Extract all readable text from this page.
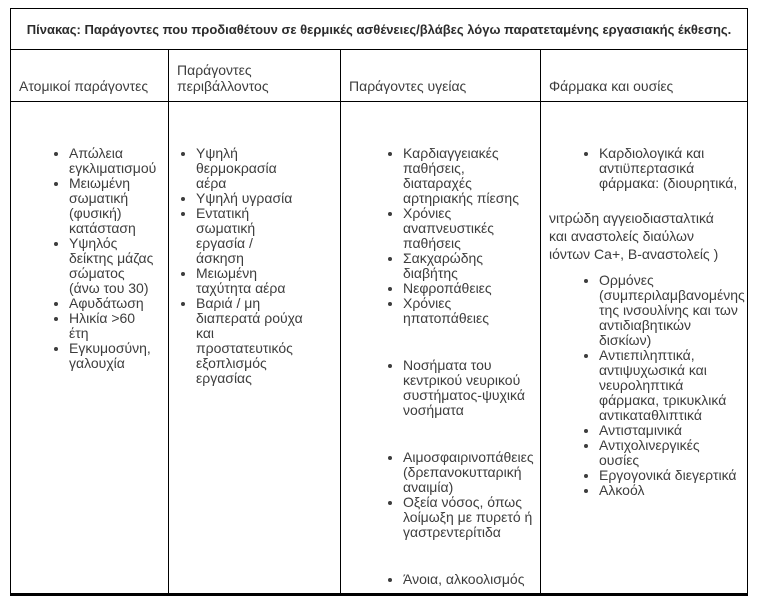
Πίνακας: Παράγοντες που προδιαθέτουν σε θερμικές ασθένειες/βλάβες λόγω παρατεταμένης εργασιακής έκθεσης.			
Ατομικοί παράγοντες	Παράγοντες περιβάλλοντος	Παράγοντες υγείας	Φάρμακα και ουσίες

• Απώλεια εγκλιματισμού
• Μειωμένη σωματική (φυσική) κατάσταση
• Υψηλός δείκτης μάζας σώματος (άνω του 30)
• Αφυδάτωση
• Ηλικία >60 έτη
• Εγκυμοσύνη, γαλουχία

• Υψηλή θερμοκρασία αέρα
• Υψηλή υγρασία
• Εντατική σωματική εργασία / άσκηση
• Μειωμένη ταχύτητα αέρα
• Βαριά / μη διαπερατά ρούχα και προστατευτικός εξοπλισμός εργασίας

• Καρδιαγγειακές παθήσεις, διαταραχές αρτηριακής πίεσης
• Χρόνιες αναπνευστικές παθήσεις
• Σακχαρώδης διαβήτης
• Νεφροπάθειες
• Χρόνιες ηπατοπάθειες
• Νοσήματα του κεντρικού νευρικού συστήματος-ψυχικά νοσήματα
• Αιμοσφαιρινοπάθειες (δρεπανοκυτταρική αναιμία)
• Οξεία νόσος, όπως λοίμωξη με πυρετό ή γαστρεντερίτιδα
• Άνοια, αλκοολισμός

• Καρδιολογικά και αντιϋπερτασικά φάρμακα: (διουρητικά,

νιτρώδη αγγειοδιασταλτικά και αναστολείς διαύλων ιόντων Ca+, Β-αναστολείς )

• Ορμόνες (συμπεριλαμβανομένης της ινσουλίνης και των αντιδιαβητικών δισκίων)
• Αντιεπιληπτικά, αντιψυχωσικά και νευροληπτικά φάρμακα, τρικυκλικά αντικαταθλιπτικά
• Αντισταμινικά
• Αντιχολινεργικές ουσίες
• Εργογονικά διεγερτικά
• Αλκοόλ
